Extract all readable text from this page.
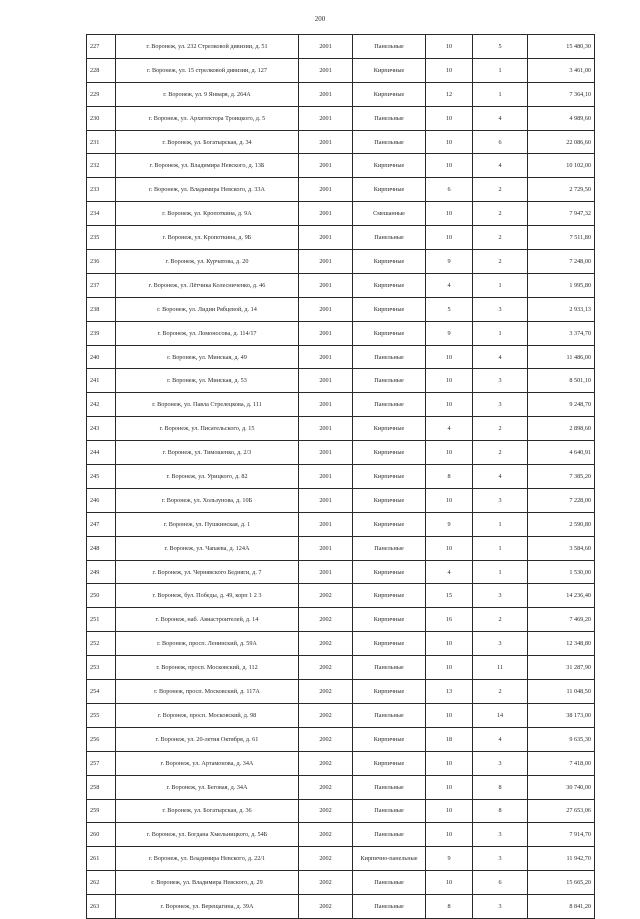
200
227	г. Воронеж, ул. 232 Стрелковой дивизии, д. 51	2001	Панельные	10	5	15 480,30
228	г. Воронеж, ул. 15 стрелковой дивизии, д. 127	2001	Кирпичные	10	1	3 461,00
229	г. Воронеж, ул. 9 Января, д. 264А	2001	Кирпичные	12	1	7 364,10
230	г. Воронеж, ул. Архитектора Троицкого, д. 5	2001	Панельные	10	4	4 989,60
231	г. Воронеж, ул. Богатырская, д. 34	2001	Панельные	10	6	22 086,60
232	г. Воронеж, ул. Владимира Невского, д. 13Б	2001	Кирпичные	10	4	10 102,00
233	г. Воронеж, ул. Владимира Невского, д. 33А	2001	Кирпичные	6	2	2 729,50
234	г. Воронеж, ул. Кропоткина, д. 9А	2001	Смешанные	10	2	7 947,32
235	г. Воронеж, ул. Кропоткина, д. 9Б	2001	Панельные	10	2	7 511,80
236	г. Воронеж, ул. Курчатова, д. 20	2001	Кирпичные	9	2	7 248,00
237	г. Воронеж, ул. Лётчика Колесниченко, д. 46	2001	Кирпичные	4	1	1 995,80
238	г. Воронеж, ул. Лидии Рябцевой, д. 14	2001	Кирпичные	5	3	2 933,13
239	г. Воронеж, ул. Ломоносова, д. 114/17	2001	Кирпичные	9	1	3 374,70
240	г. Воронеж, ул. Минская, д. 49	2001	Панельные	10	4	11 486,00
241	г. Воронеж, ул. Минская, д. 53	2001	Панельные	10	3	8 501,10
242	г. Воронеж, ул. Павла Стрелецкова, д. 111	2001	Панельные	10	3	9 248,70
243	г. Воронеж, ул. Писательского, д. 15	2001	Кирпичные	4	2	2 898,60
244	г. Воронеж, ул. Тимошенко, д. 2/3	2001	Кирпичные	10	2	4 640,91
245	г. Воронеж, ул. Урицкого, д. 82	2001	Кирпичные	8	4	7 385,20
246	г. Воронеж, ул. Хользунова, д. 10Б	2001	Кирпичные	10	3	7 228,00
247	г. Воронеж, ул. Пушкинская, д. 1	2001	Кирпичные	9	1	2 590,80
248	г. Воронеж, ул. Чапаева, д. 124А	2001	Панельные	10	1	3 584,60
249	г. Воронеж, ул. Чернявского Бедняги, д. 7	2001	Кирпичные	4	1	1 530,00
250	г. Воронеж, бул. Победы, д. 49, корп 1 2 3	2002	Кирпичные	15	3	14 236,40
251	г. Воронеж, наб. Авиастроителей, д. 14	2002	Кирпичные	16	2	7 469,20
252	г. Воронеж, просп. Ленинский, д. 59А	2002	Кирпичные	10	3	12 348,80
253	г. Воронеж, просп. Московский, д. 112	2002	Панельные	10	11	31 287,90
254	г. Воронеж, просп. Московский, д. 117А	2002	Кирпичные	13	2	11 048,50
255	г. Воронеж, просп. Московский, д. 98	2002	Панельные	10	14	38 173,00
256	г. Воронеж, ул. 20-летия Октября, д. 61	2002	Кирпичные	18	4	9 635,30
257	г. Воронеж, ул. Артамонова, д. 34А	2002	Кирпичные	10	3	7 418,00
258	г. Воронеж, ул. Беговая, д. 34А	2002	Панельные	10	8	30 740,00
259	г. Воронеж, ул. Богатырская, д. 36	2002	Панельные	10	8	27 653,06
260	г. Воронеж, ул. Богдана Хмельницкого, д. 54Б	2002	Панельные	10	3	7 914,70
261	г. Воронеж, ул. Владимира Невского, д. 22/1	2002	Кирпично-панельные	9	3	11 942,70
262	г. Воронеж, ул. Владимира Невского, д. 29	2002	Панельные	10	6	15 665,20
263	г. Воронеж, ул. Верещагина, д. 39А	2002	Панельные	8	3	8 841,20
